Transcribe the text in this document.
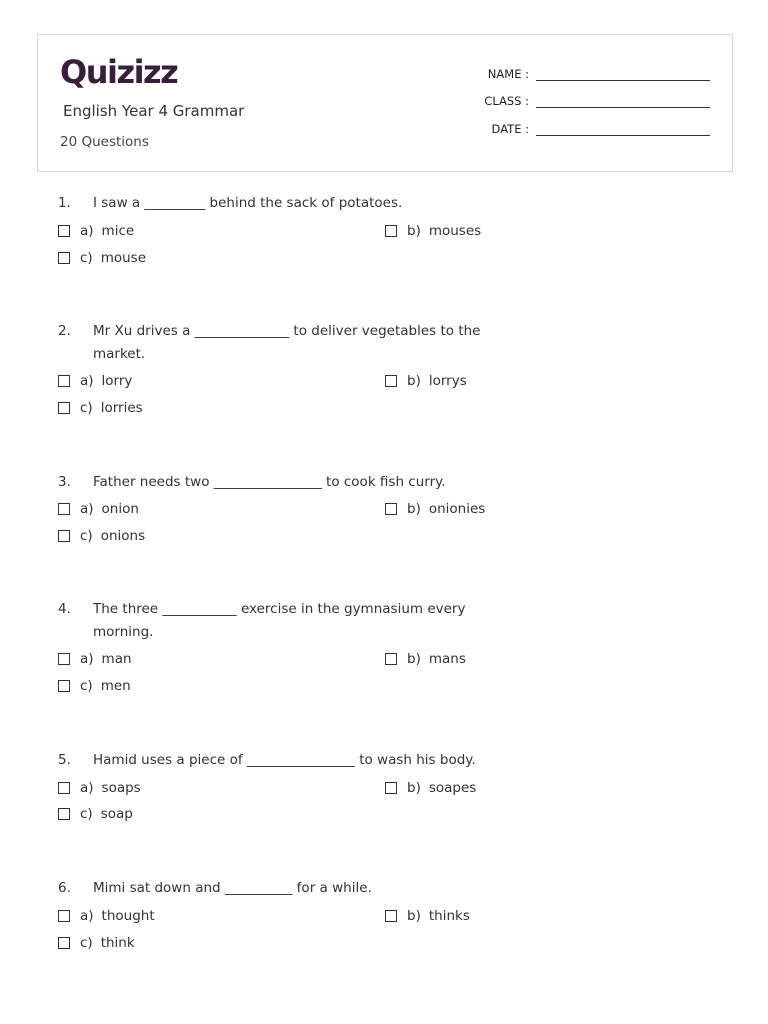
Quizizz
English Year 4 Grammar
20 Questions
NAME :
CLASS :
DATE :
1.	I saw a _________ behind the sack of potatoes.
a) mice	b) mouses
c) mouse
2.	Mr Xu drives a ______________ to deliver vegetables to the market.
a) lorry	b) lorrys
c) lorries
3.	Father needs two ________________ to cook fish curry.
a) onion	b) onionies
c) onions
4.	The three ___________ exercise in the gymnasium every morning.
a) man	b) mans
c) men
5.	Hamid uses a piece of ________________ to wash his body.
a) soaps	b) soapes
c) soap
6.	Mimi sat down and __________ for a while.
a) thought	b) thinks
c) think
